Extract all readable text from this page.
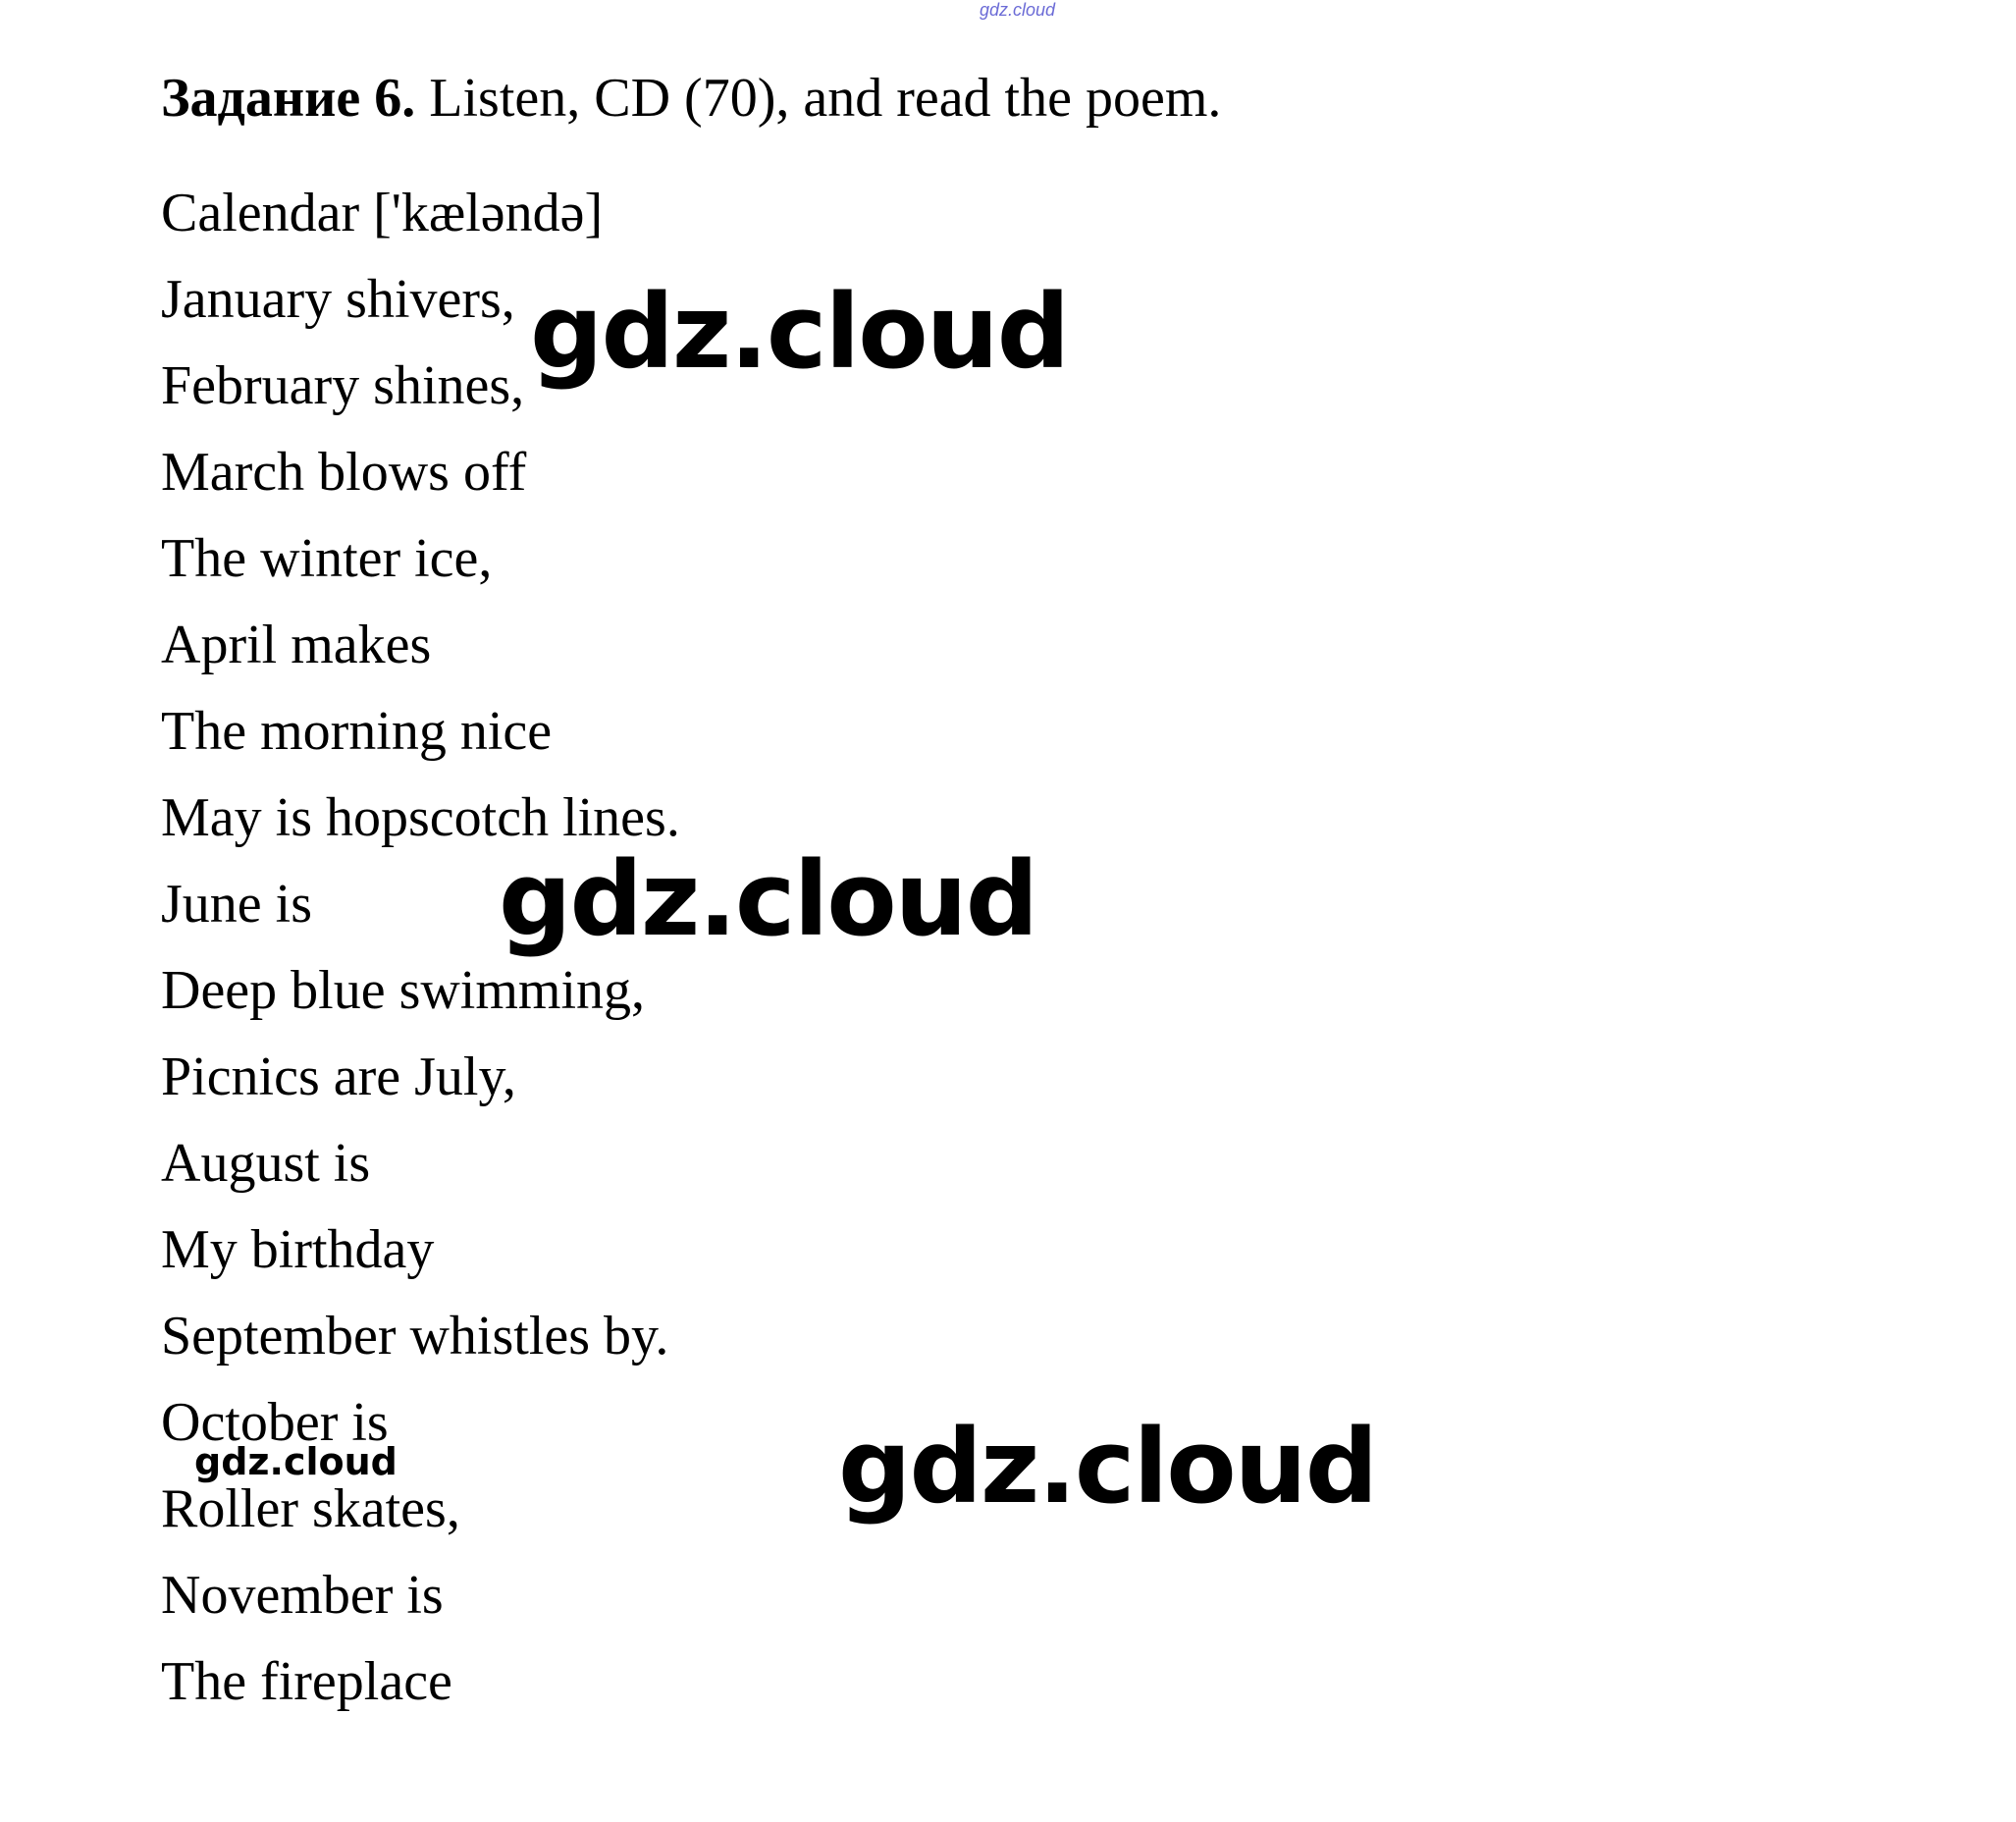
gdz.cloud
Задание 6. Listen, CD (70), and read the poem.
Calendar ['kæləndə]
January shivers,
February shines,
March blows off
The winter ice,
April makes
The morning nice
May is hopscotch lines.
June is
Deep blue swimming,
Picnics are July,
August is
My birthday
September whistles by.
October is
Roller skates,
November is
The fireplace
gdz.cloud
gdz.cloud
gdz.cloud
gdz.cloud
